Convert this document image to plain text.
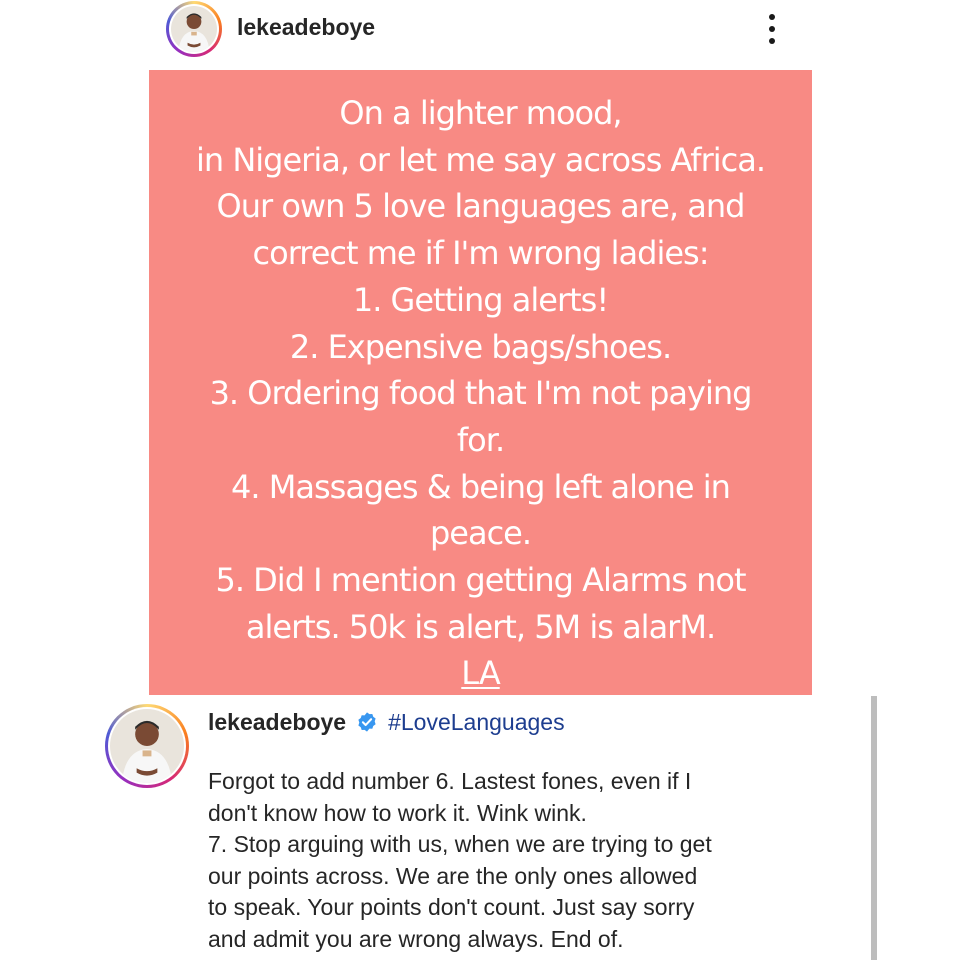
lekeadeboye
On a lighter mood,
in Nigeria, or let me say across Africa.
Our own 5 love languages are, and
correct me if I'm wrong ladies:
1. Getting alerts!
2. Expensive bags/shoes.
3. Ordering food that I'm not paying
for.
4. Massages & being left alone in
peace.
5. Did I mention getting Alarms not
alerts. 50k is alert, 5M is alarM.
LA
lekeadeboye #LoveLanguages
Forgot to add number 6. Lastest fones, even if I
don't know how to work it. Wink wink.
7. Stop arguing with us, when we are trying to get
our points across. We are the only ones allowed
to speak. Your points don't count. Just say sorry
and admit you are wrong always. End of.
